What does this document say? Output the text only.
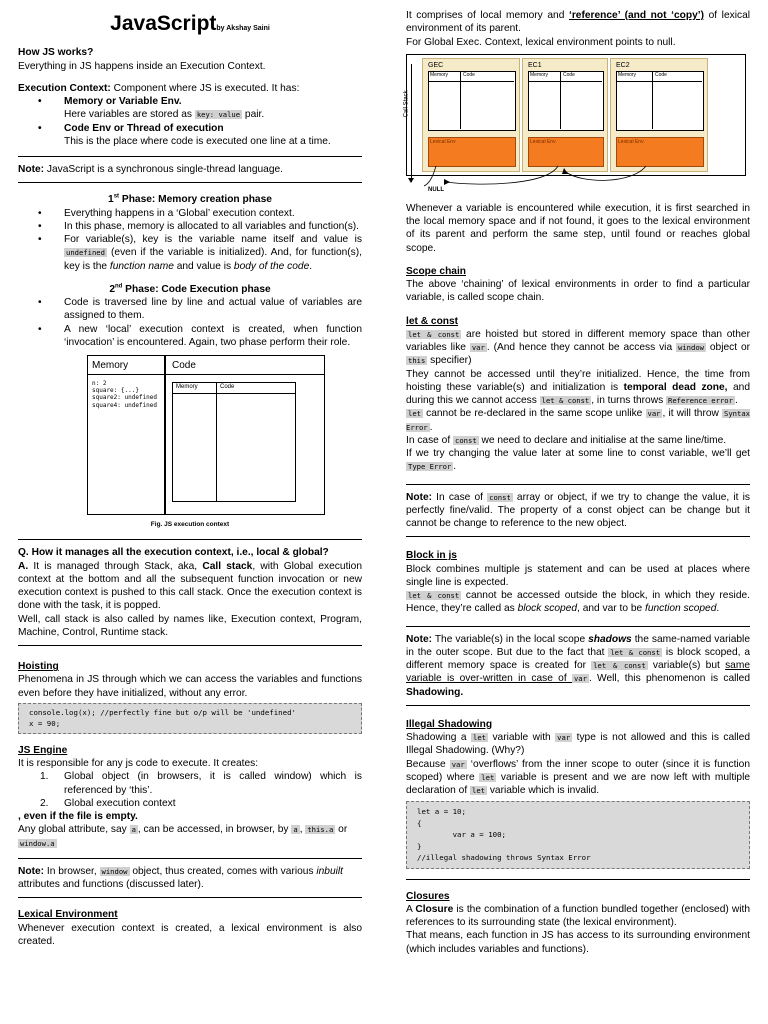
JavaScriptby Akshay Saini

How JS works?

Everything in JS happens inside an Execution Context.

Execution Context: Component where JS is executed. It has:

• Memory or Variable Env.

Here variables are stored as key: value pair.

• Code Env or Thread of execution

This is the place where code is executed one line at a time.

Note: JavaScript is a synchronous single-thread language.

1st Phase: Memory creation phase

• Everything happens in a ‘Global’ execution context.

• In this phase, memory is allocated to all variables and function(s).

• For variable(s), key is the variable name itself and value is undefined (even if the variable is initialized). And, for function(s), key is the function name and value is body of the code.

2nd Phase: Code Execution phase

• Code is traversed line by line and actual value of variables are assigned to them.

• A new ‘local’ execution context is created, when function ‘invocation’ is encountered. Again, two phase perform their role.

Memory	Code
n: 2
square: {...}
square2: undefined
square4: undefined
Memory	Code

Fig. JS execution context

Q. How it manages all the execution context, i.e., local & global?

A. It is managed through Stack, aka, Call stack, with Global execution context at the bottom and all the subsequent function invocation or new execution context is pushed to this call stack. Once the execution context is done with the task, it is popped.

Well, call stack is also called by names like, Execution context, Program, Machine, Control, Runtime stack.

Hoisting

Phenomena in JS through which we can access the variables and functions even before they have initialized, without any error.

console.log(x); //perfectly fine but o/p will be 'undefined'
x = 90;

JS Engine

It is responsible for any js code to execute. It creates:

1. Global object (in browsers, it is called window) which is referenced by ‘this’.

2. Global execution context

, even if the file is empty.

Any global attribute, say a , can be accessed, in browser, by a , this.a or window.a

Note: In browser, window object, thus created, comes with various inbuilt attributes and functions (discussed later).

Lexical Environment

Whenever execution context is created, a lexical environment is also created.

It comprises of local memory and ‘reference’ (and not ‘copy’) of lexical environment of its parent.

For Global Exec. Context, lexical environment points to null.

Call Stack
NULL
GEC
Memory	Code
Lexical Env
EC1
Memory	Code
Lexical Env
EC2
Memory	Code
Lexical Env

Whenever a variable is encountered while execution, it is first searched in the local memory space and if not found, it goes to the lexical environment of its parent and perform the same step, until found or reaches global scope.

Scope chain

The above ‘chaining’ of lexical environments in order to find a particular variable, is called scope chain.

let & const

let & const are hoisted but stored in different memory space than other variables like var . (And hence they cannot be access via window object or this specifier)

They cannot be accessed until they’re initialized. Hence, the time from hoisting these variable(s) and initialization is temporal dead zone, and during this we cannot access let & const , in turns throws Reference error .

let cannot be re-declared in the same scope unlike var , it will throw Syntax Error .

In case of const we need to declare and initialise at the same line/time.

If we try changing the value later at some line to const variable, we’ll get Type Error .

Note: In case of const array or object, if we try to change the value, it is perfectly fine/valid. The property of a const object can be change but it cannot be change to reference to the new object.

Block in js

Block combines multiple js statement and can be used at places where single line is expected.

let & const cannot be accessed outside the block, in which they reside. Hence, they’re called as block scoped, and var to be function scoped.

Note: The variable(s) in the local scope shadows the same-named variable in the outer scope. But due to the fact that let & const is block scoped, a different memory space is created for let & const variable(s) but same variable is over-written in case of var . Well, this phenomenon is called Shadowing.

Illegal Shadowing

Shadowing a let variable with var type is not allowed and this is called Illegal Shadowing. (Why?)

Because var ‘overflows’ from the inner scope to outer (since it is function scoped) where let variable is present and we are now left with multiple declaration of let variable which is invalid.

let a = 10;
{
var a = 100;
}
//illegal shadowing throws Syntax Error

Closures

A Closure is the combination of a function bundled together (enclosed) with references to its surrounding state (the lexical environment).

That means, each function in JS has access to its surrounding environment (which includes variables and functions).
